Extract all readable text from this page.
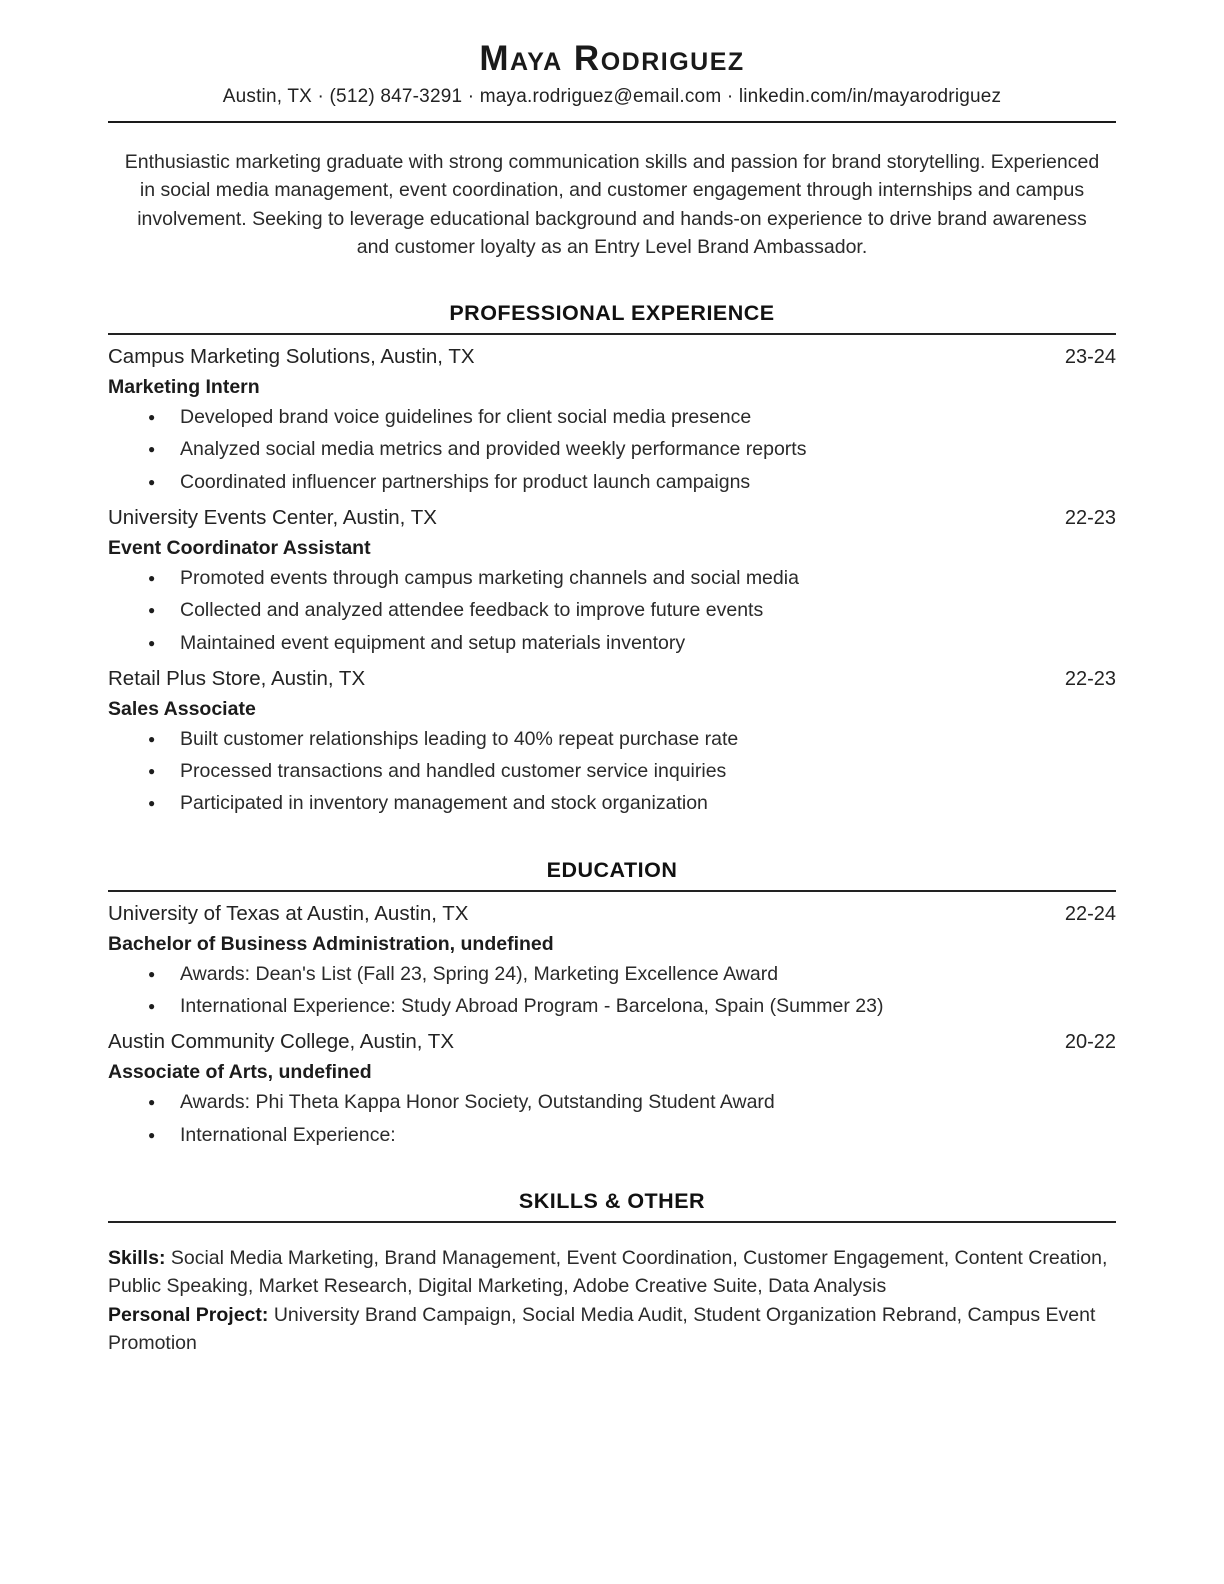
Maya Rodriguez
Austin, TX · (512) 847-3291 · maya.rodriguez@email.com · linkedin.com/in/mayarodriguez

Enthusiastic marketing graduate with strong communication skills and passion for brand storytelling. Experienced in social media management, event coordination, and customer engagement through internships and campus involvement. Seeking to leverage educational background and hands-on experience to drive brand awareness and customer loyalty as an Entry Level Brand Ambassador.

PROFESSIONAL EXPERIENCE
Campus Marketing Solutions, Austin, TX	23-24
Marketing Intern
●
Developed brand voice guidelines for client social media presence
●
Analyzed social media metrics and provided weekly performance reports
●
Coordinated influencer partnerships for product launch campaigns
University Events Center, Austin, TX	22-23
Event Coordinator Assistant
●
Promoted events through campus marketing channels and social media
●
Collected and analyzed attendee feedback to improve future events
●
Maintained event equipment and setup materials inventory
Retail Plus Store, Austin, TX	22-23
Sales Associate
●
Built customer relationships leading to 40% repeat purchase rate
●
Processed transactions and handled customer service inquiries
●
Participated in inventory management and stock organization
EDUCATION
University of Texas at Austin, Austin, TX	22-24
Bachelor of Business Administration, undefined
●
Awards: Dean's List (Fall 23, Spring 24), Marketing Excellence Award
●
International Experience: Study Abroad Program - Barcelona, Spain (Summer 23)
Austin Community College, Austin, TX	20-22
Associate of Arts, undefined
●
Awards: Phi Theta Kappa Honor Society, Outstanding Student Award
●
International Experience:
SKILLS & OTHER

Skills: Social Media Marketing, Brand Management, Event Coordination, Customer Engagement, Content Creation, Public Speaking, Market Research, Digital Marketing, Adobe Creative Suite, Data Analysis

Personal Project: University Brand Campaign, Social Media Audit, Student Organization Rebrand, Campus Event Promotion
